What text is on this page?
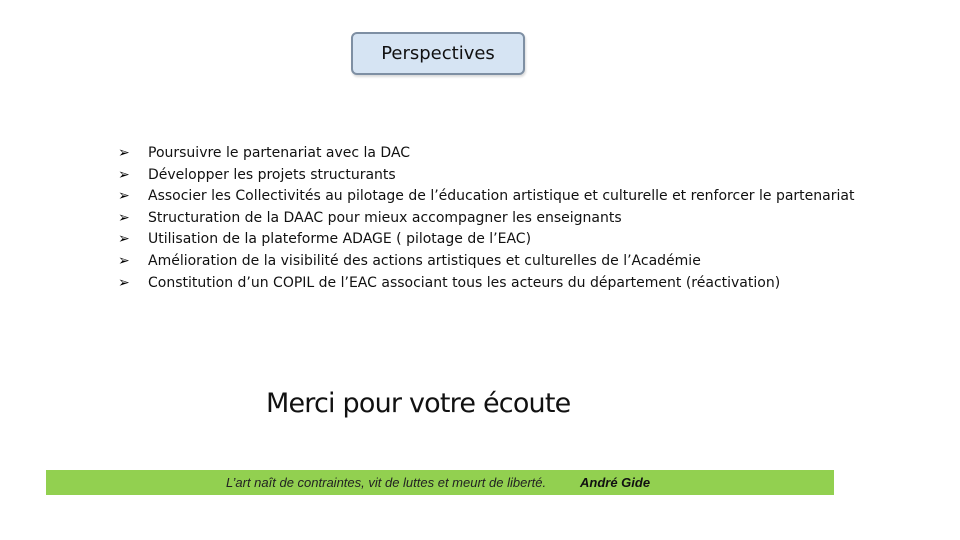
Perspectives
➢ Poursuivre le partenariat avec la DAC
➢ Développer les projets structurants
➢ Associer les Collectivités au pilotage de l’éducation artistique et culturelle et renforcer le partenariat
➢ Structuration de la DAAC pour mieux accompagner les enseignants
➢ Utilisation de la plateforme ADAGE ( pilotage de l’EAC)
➢ Amélioration de la visibilité des actions artistiques et culturelles de l’Académie
➢ Constitution d’un COPIL de l’EAC associant tous les acteurs du département (réactivation)
Merci pour votre écoute
L’art naît de contraintes, vit de luttes et meurt de liberté.	André Gide
